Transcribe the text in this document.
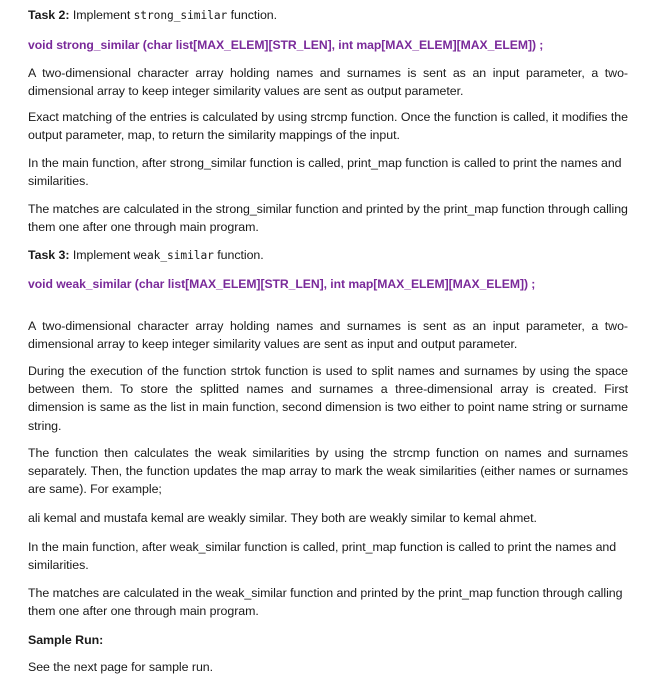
Task 2: Implement strong_similar function.

void strong_similar (char list[MAX_ELEM][STR_LEN], int map[MAX_ELEM][MAX_ELEM]) ;

A two-dimensional character array holding names and surnames is sent as an input parameter, a two-dimensional array to keep integer similarity values are sent as output parameter.

Exact matching of the entries is calculated by using strcmp function. Once the function is called, it modifies the output parameter, map, to return the similarity mappings of the input.

In the main function, after strong_similar function is called, print_map function is called to print the names and similarities.

The matches are calculated in the strong_similar function and printed by the print_map function through calling them one after one through main program.

Task 3: Implement weak_similar function.

void weak_similar (char list[MAX_ELEM][STR_LEN], int map[MAX_ELEM][MAX_ELEM]) ;

A two-dimensional character array holding names and surnames is sent as an input parameter, a two-dimensional array to keep integer similarity values are sent as input and output parameter.

During the execution of the function strtok function is used to split names and surnames by using the space between them. To store the splitted names and surnames a three-dimensional array is created. First dimension is same as the list in main function, second dimension is two either to point name string or surname string.

The function then calculates the weak similarities by using the strcmp function on names and surnames separately. Then, the function updates the map array to mark the weak similarities (either names or surnames are same). For example;

ali kemal and mustafa kemal are weakly similar. They both are weakly similar to kemal ahmet.

In the main function, after weak_similar function is called, print_map function is called to print the names and similarities.

The matches are calculated in the weak_similar function and printed by the print_map function through calling them one after one through main program.

Sample Run:

See the next page for sample run.
